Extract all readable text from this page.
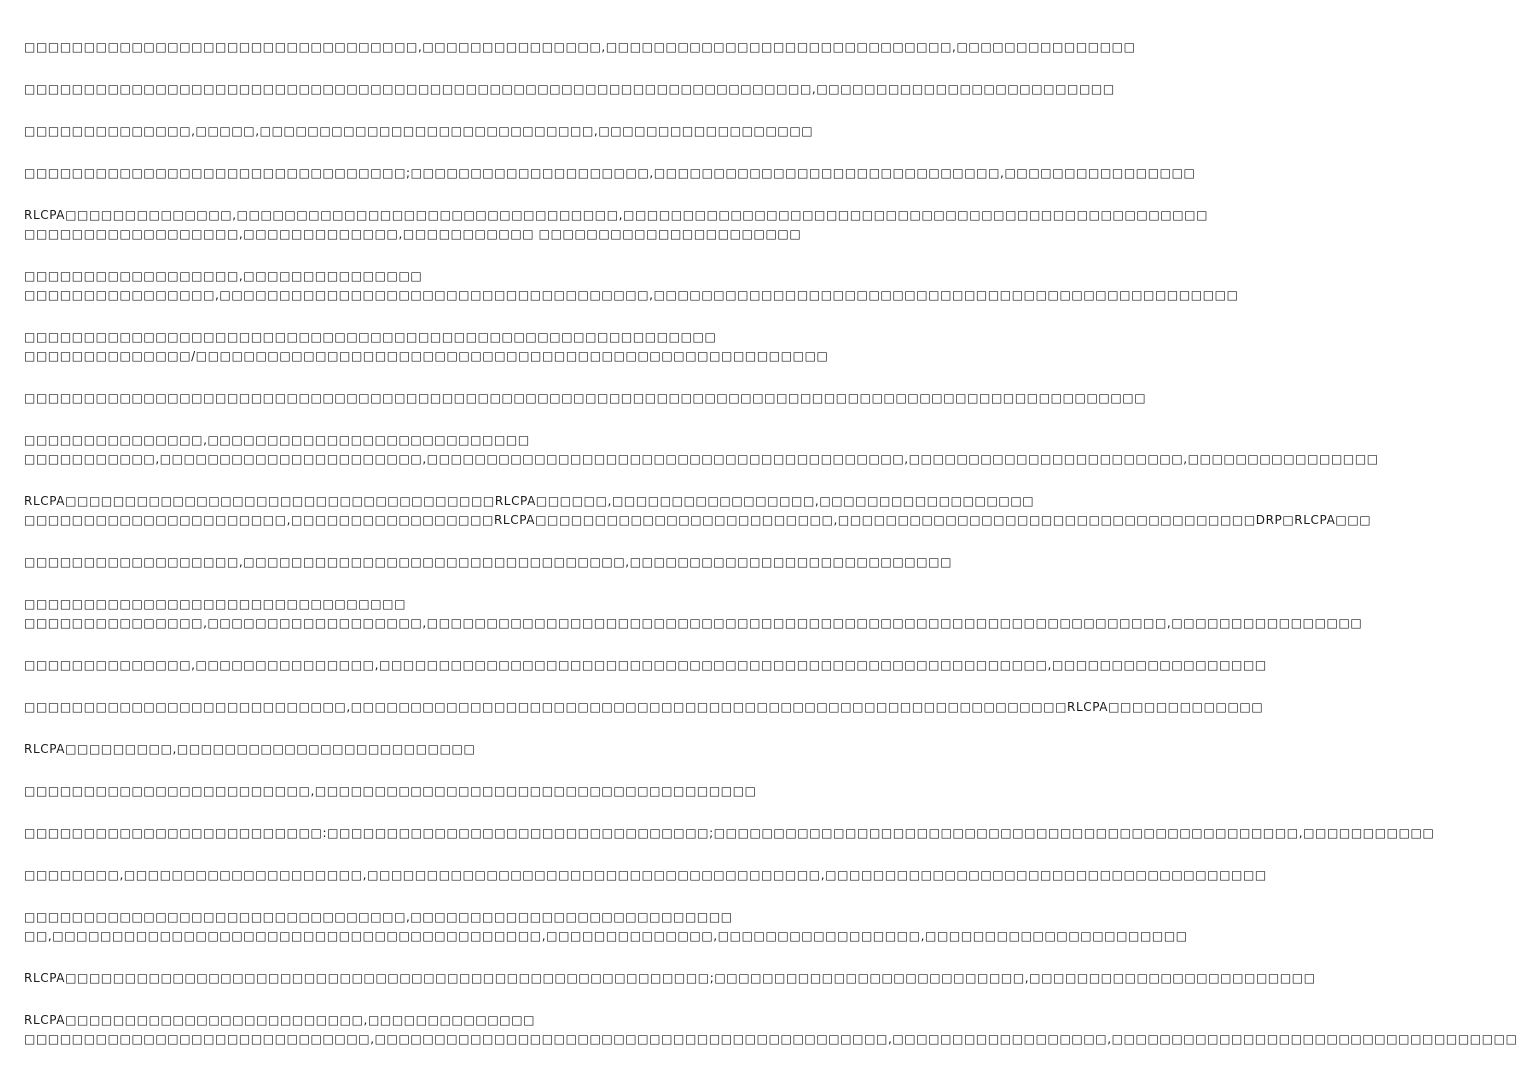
□□□□□□□□□□□□□□□□□□□□□□□□□□□□□□□□□,□□□□□□□□□□□□□□□,□□□□□□□□□□□□□□□□□□□□□□□□□□□□□,□□□□□□□□□□□□□□□
□□□□□□□□□□□□□□□□□□□□□□□□□□□□□□□□□□□□□□□□□□□□□□□□□□□□□□□□□□□□□□□□□□,□□□□□□□□□□□□□□□□□□□□□□□□□
□□□□□□□□□□□□□□,□□□□□,□□□□□□□□□□□□□□□□□□□□□□□□□□□□,□□□□□□□□□□□□□□□□□□
□□□□□□□□□□□□□□□□□□□□□□□□□□□□□□□□;□□□□□□□□□□□□□□□□□□□□,□□□□□□□□□□□□□□□□□□□□□□□□□□□□□,□□□□□□□□□□□□□□□□
RLCPA□□□□□□□□□□□□□□,□□□□□□□□□□□□□□□□□□□□□□□□□□□□□□□□,□□□□□□□□□□□□□□□□□□□□□□□□□□□□□□□□□□□□□□□□□□□□□□□□□
□□□□□□□□□□□□□□□□□□,□□□□□□□□□□□□□,□□□□□□□□□□□ □□□□□□□□□□□□□□□□□□□□□□
□□□□□□□□□□□□□□□□□□,□□□□□□□□□□□□□□□
□□□□□□□□□□□□□□□□,□□□□□□□□□□□□□□□□□□□□□□□□□□□□□□□□□□□□,□□□□□□□□□□□□□□□□□□□□□□□□□□□□□□□□□□□□□□□□□□□□□□□□□
□□□□□□□□□□□□□□□□□□□□□□□□□□□□□□□□□□□□□□□□□□□□□□□□□□□□□□□□□□
□□□□□□□□□□□□□□/□□□□□□□□□□□□□□□□□□□□□□□□□□□□□□□□□□□□□□□□□□□□□□□□□□□□□
□□□□□□□□□□□□□□□□□□□□□□□□□□□□□□□□□□□□□□□□□□□□□□□□□□□□□□□□□□□□□□□□□□□□□□□□□□□□□□□□□□□□□□□□□□□□□□
□□□□□□□□□□□□□□□,□□□□□□□□□□□□□□□□□□□□□□□□□□□
□□□□□□□□□□□,□□□□□□□□□□□□□□□□□□□□□□,□□□□□□□□□□□□□□□□□□□□□□□□□□□□□□□□□□□□□□□□,□□□□□□□□□□□□□□□□□□□□□□□,□□□□□□□□□□□□□□□□
RLCPA□□□□□□□□□□□□□□□□□□□□□□□□□□□□□□□□□□□□RLCPA□□□□□□,□□□□□□□□□□□□□□□□□,□□□□□□□□□□□□□□□□□□
□□□□□□□□□□□□□□□□□□□□□□,□□□□□□□□□□□□□□□□□RLCPA□□□□□□□□□□□□□□□□□□□□□□□□□,□□□□□□□□□□□□□□□□□□□□□□□□□□□□□□□□□□□DRP□RLCPA□□□
□□□□□□□□□□□□□□□□□□,□□□□□□□□□□□□□□□□□□□□□□□□□□□□□□□□,□□□□□□□□□□□□□□□□□□□□□□□□□□□
□□□□□□□□□□□□□□□□□□□□□□□□□□□□□□□□
□□□□□□□□□□□□□□□,□□□□□□□□□□□□□□□□□□,□□□□□□□□□□□□□□□□□□□□□□□□□□□□□□□□□□□□□□□□□□□□□□□□□□□□□□□□□□□□□□,□□□□□□□□□□□□□□□□
□□□□□□□□□□□□□□,□□□□□□□□□□□□□□□,□□□□□□□□□□□□□□□□□□□□□□□□□□□□□□□□□□□□□□□□□□□□□□□□□□□□□□□□,□□□□□□□□□□□□□□□□□□
□□□□□□□□□□□□□□□□□□□□□□□□□□□,□□□□□□□□□□□□□□□□□□□□□□□□□□□□□□□□□□□□□□□□□□□□□□□□□□□□□□□□□□□□RLCPA□□□□□□□□□□□□□
RLCPA□□□□□□□□□,□□□□□□□□□□□□□□□□□□□□□□□□□
□□□□□□□□□□□□□□□□□□□□□□□□,□□□□□□□□□□□□□□□□□□□□□□□□□□□□□□□□□□□□□
□□□□□□□□□□□□□□□□□□□□□□□□□:□□□□□□□□□□□□□□□□□□□□□□□□□□□□□□□□;□□□□□□□□□□□□□□□□□□□□□□□□□□□□□□□□□□□□□□□□□□□□□□□□□,□□□□□□□□□□□
□□□□□□□□,□□□□□□□□□□□□□□□□□□□□,□□□□□□□□□□□□□□□□□□□□□□□□□□□□□□□□□□□□□□,□□□□□□□□□□□□□□□□□□□□□□□□□□□□□□□□□□□□□
□□□□□□□□□□□□□□□□□□□□□□□□□□□□□□□□,□□□□□□□□□□□□□□□□□□□□□□□□□□□
□□,□□□□□□□□□□□□□□□□□□□□□□□□□□□□□□□□□□□□□□□□□,□□□□□□□□□□□□□□,□□□□□□□□□□□□□□□□□,□□□□□□□□□□□□□□□□□□□□□□
RLCPA□□□□□□□□□□□□□□□□□□□□□□□□□□□□□□□□□□□□□□□□□□□□□□□□□□□□□□;□□□□□□□□□□□□□□□□□□□□□□□□□□,□□□□□□□□□□□□□□□□□□□□□□□□
RLCPA□□□□□□□□□□□□□□□□□□□□□□□□□,□□□□□□□□□□□□□□
□□□□□□□□□□□□□□□□□□□□□□□□□□□□□,□□□□□□□□□□□□□□□□□□□□□□□□□□□□□□□□□□□□□□□□□□□,□□□□□□□□□□□□□□□□□□,□□□□□□□□□□□□□□□□□□□□□□□□□□□□□□□□□□
